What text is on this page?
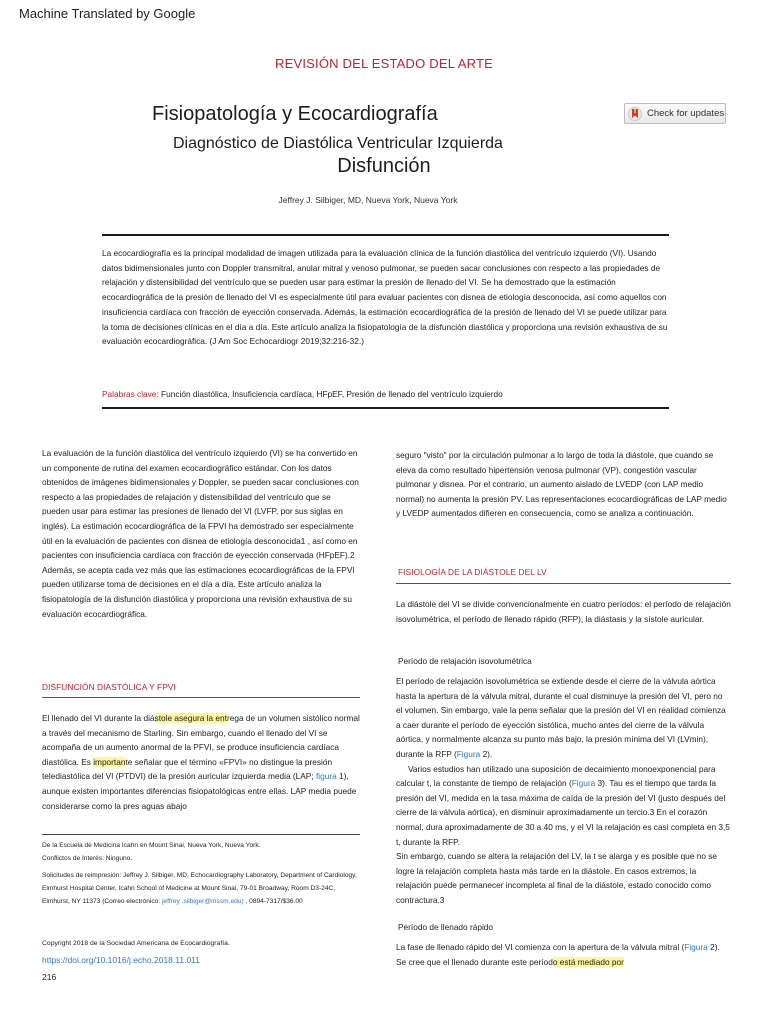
Machine Translated by Google
REVISIÓN DEL ESTADO DEL ARTE
Fisiopatología y Ecocardiografía
Diagnóstico de Diastólica Ventricular Izquierda
Disfunción
Check for updates
Jeffrey J. Silbiger, MD, Nueva York, Nueva York
La ecocardiografía es la principal modalidad de imagen utilizada para la evaluación clínica de la función diastólica del ventrículo izquierdo (VI). Usando datos bidimensionales junto con Doppler transmitral, anular mitral y venoso pulmonar, se pueden sacar conclusiones con respecto a las propiedades de relajación y distensibilidad del ventrículo que se pueden usar para estimar la presión de llenado del VI. Se ha demostrado que la estimación ecocardiográfica de la presión de llenado del VI es especialmente útil para evaluar pacientes con disnea de etiología desconocida, así como aquellos con insuficiencia cardíaca con fracción de eyección conservada. Además, la estimación ecocardiográfica de la presión de llenado del VI se puede utilizar para la toma de decisiones clínicas en el día a día. Este artículo analiza la fisiopatología de la disfunción diastólica y proporciona una revisión exhaustiva de su evaluación ecocardiográfica. (J Am Soc Echocardiogr 2019;32:216-32.)
Palabras clave: Función diastólica, Insuficiencia cardíaca, HFpEF, Presión de llenado del ventrículo izquierdo
La evaluación de la función diastólica del ventrículo izquierdo (VI) se ha convertido en un componente de rutina del examen ecocardiográfico estándar. Con los datos obtenidos de imágenes bidimensionales y Doppler, se pueden sacar conclusiones con respecto a las propiedades de relajación y distensibilidad del ventrículo que se pueden usar para estimar las presiones de llenado del VI (LVFP, por sus siglas en inglés). La estimación ecocardiográfica de la FPVI ha demostrado ser especialmente útil en la evaluación de pacientes con disnea de etiología desconocida1 , así como en pacientes con insuficiencia cardíaca con fracción de eyección conservada (HFpEF).2 Además, se acepta cada vez más que las estimaciones ecocardiográficas de la FPVI pueden utilizarse toma de decisiones en el día a día. Este artículo analiza la fisiopatología de la disfunción diastólica y proporciona una revisión exhaustiva de su evaluación ecocardiográfica.
DISFUNCIÓN DIASTÓLICA Y FPVI
El llenado del VI durante la diástole asegura la entrega de un volumen sistólico normal a través del mecanismo de Starling. Sin embargo, cuando el llenado del VI se acompaña de un aumento anormal de la PFVI, se produce insuficiencia cardíaca diastólica. Es importante señalar que el término «FPVI» no distingue la presión telediastólica del VI (PTDVI) de la presión auricular izquierda media (LAP; figura 1), aunque existen importantes diferencias fisiopatológicas entre ellas. LAP media puede considerarse como la pres aguas abajo

De la Escuela de Medicina Icahn en Mount Sinai, Nueva York, Nueva York.

Conflictos de Interés: Ninguno.

Solicitudes de reimpresión: Jeffrey J. Silbiger, MD, Echocardiography Laboratory, Department of Cardiology, Elmhurst Hospital Center, Icahn School of Medicine at Mount Sinai, 79-01 Broadway, Room D3-24C, Elmhurst, NY 11373 (Correo electrónico: jeffrey .silbiger@mssm.edu) . 0894-7317/$36.00

Copyright 2018 de la Sociedad Americana de Ecocardiografía.
https://doi.org/10.1016/j.echo.2018.11.011
216
seguro "visto" por la circulación pulmonar a lo largo de toda la diástole, que cuando se eleva da como resultado hipertensión venosa pulmonar (VP), congestión vascular pulmonar y disnea. Por el contrario, un aumento aislado de LVEDP (con LAP medio normal) no aumenta la presión PV. Las representaciones ecocardiográficas de LAP medio y LVEDP aumentados difieren en consecuencia, como se analiza a continuación.
FISIOLOGÍA DE LA DIÁSTOLE DEL LV
La diástole del VI se divide convencionalmente en cuatro períodos: el período de relajación isovolumétrica, el período de llenado rápido (RFP), la diástasis y la sístole auricular.
Período de relajación isovolumétrica

El período de relajación isovolumétrica se extiende desde el cierre de la válvula aórtica hasta la apertura de la válvula mitral, durante el cual disminuye la presión del VI, pero no el volumen. Sin embargo, vale la pena señalar que la presión del VI en realidad comienza a caer durante el período de eyección sistólica, mucho antes del cierre de la válvula aórtica, y normalmente alcanza su punto más bajo, la presión mínima del VI (LVmin), durante la RFP (Figura 2).

Varios estudios han utilizado una suposición de decaimiento monoexponencial para calcular t, la constante de tiempo de relajación (Figura 3). Tau es el tiempo que tarda la presión del VI, medida en la tasa máxima de caída de la presión del VI (justo después del cierre de la válvula aórtica), en disminuir aproximadamente un tercio.3 En el corazón normal, dura aproximadamente de 30 a 40 ms, y el VI la relajación es casi completa en 3,5 t, durante la RFP.

Sin embargo, cuando se altera la relajación del LV, la t se alarga y es posible que no se logre la relajación completa hasta más tarde en la diástole. En casos extremos, la relajación puede permanecer incompleta al final de la diástole, estado conocido como contractura.3

Período de llenado rápido
La fase de llenado rápido del VI comienza con la apertura de la válvula mitral (Figura 2). Se cree que el llenado durante este período está mediado por
